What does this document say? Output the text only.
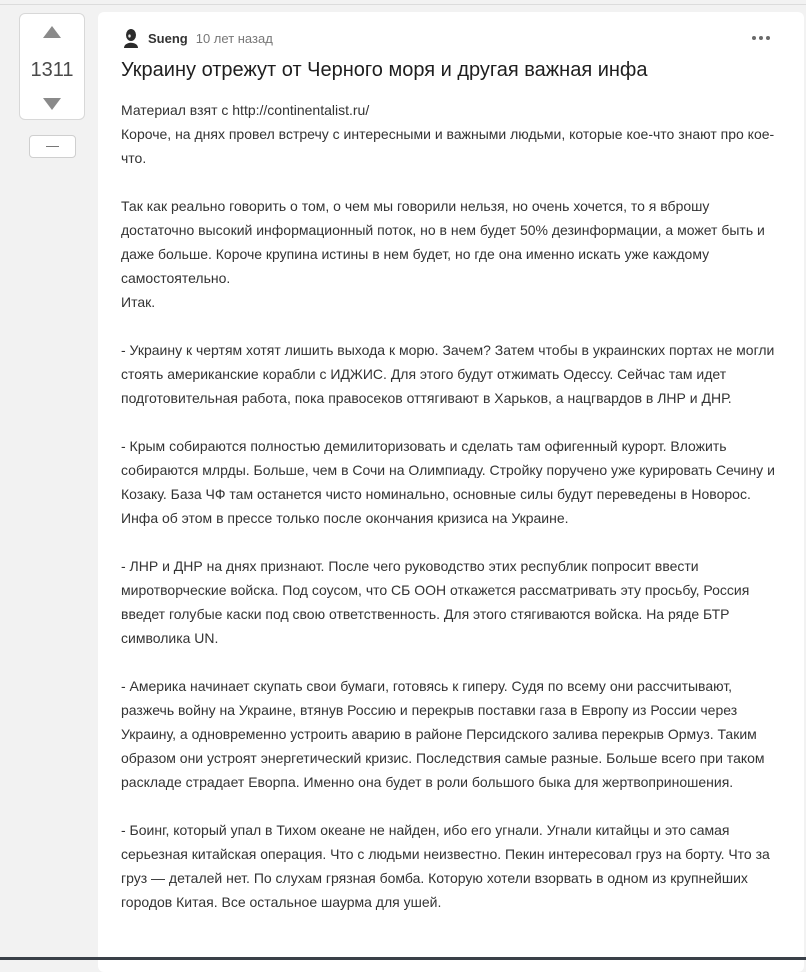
1311
Sueng 10 лет назад
Украину отрежут от Черного моря и другая важная инфа

Материал взят с http://continentalist.ru/

Короче, на днях провел встречу с интересными и важными людьми, которые кое-что знают про кое-что.

Так как реально говорить о том, о чем мы говорили нельзя, но очень хочется, то я вброшу достаточно высокий информационный поток, но в нем будет 50% дезинформации, а может быть и даже больше. Короче крупина истины в нем будет, но где она именно искать уже каждому самостоятельно.

Итак.

- Украину к чертям хотят лишить выхода к морю. Зачем? Затем чтобы в украинских портах не могли стоять американские корабли с ИДЖИС. Для этого будут отжимать Одессу. Сейчас там идет подготовительная работа, пока правосеков оттягивают в Харьков, а нацгвардов в ЛНР и ДНР.

- Крым собираются полностью демилиторизовать и сделать там офигенный курорт. Вложить собираются млрды. Больше, чем в Сочи на Олимпиаду. Стройку поручено уже курировать Сечину и Козаку. База ЧФ там останется чисто номинально, основные силы будут переведены в Новорос. Инфа об этом в прессе только после окончания кризиса на Украине.

- ЛНР и ДНР на днях признают. После чего руководство этих республик попросит ввести миротворческие войска. Под соусом, что СБ ООН откажется рассматривать эту просьбу, Россия введет голубые каски под свою ответственность. Для этого стягиваются войска. На ряде БТР символика UN.

- Америка начинает скупать свои бумаги, готовясь к гиперу. Судя по всему они рассчитывают, разжечь войну на Украине, втянув Россию и перекрыв поставки газа в Европу из России через Украину, а одновременно устроить аварию в районе Персидского залива перекрыв Ормуз. Таким образом они устроят энергетический кризис. Последствия самые разные. Больше всего при таком раскладе страдает Еворпа. Именно она будет в роли большого быка для жертвоприношения.

- Боинг, который упал в Тихом океане не найден, ибо его угнали. Угнали китайцы и это самая серьезная китайская операция. Что с людьми неизвестно. Пекин интересовал груз на борту. Что за груз — деталей нет. По слухам грязная бомба. Которую хотели взорвать в одном из крупнейших городов Китая. Все остальное шаурма для ушей.
